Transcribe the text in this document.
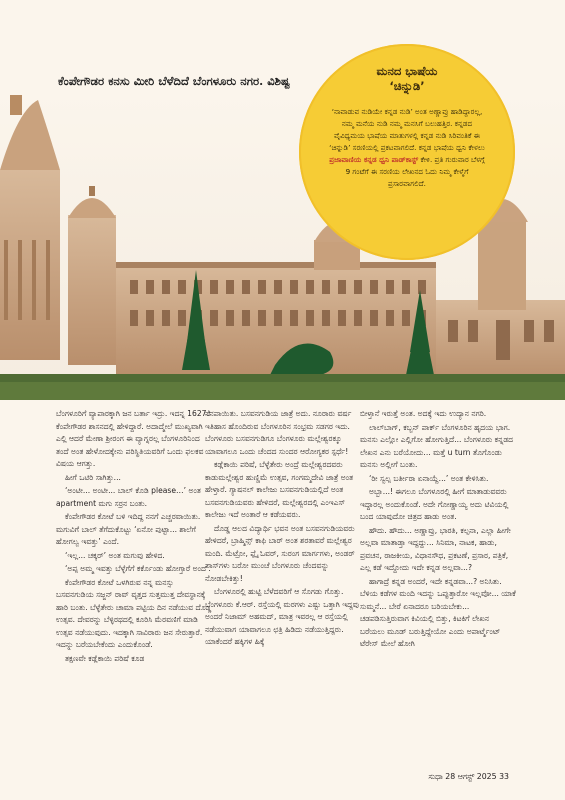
ಕೆಂಪೇಗೌಡರ ಕನಸು ಮೀರಿ ಬೆಳೆದಿದೆ ಬೆಂಗಳೂರು ನಗರ. ವಿಶಿಷ್ಟ

ಮನದ ಭಾಷೆಯ
‘ಚಿನ್ನುಡಿ’

‘ನಾವಾಡುವ ನುಡಿಯೇ ಕನ್ನಡ ನುಡಿ’ ಅಂತ ಅಣ್ಣಾವ್ರು ಹಾಡಿದ್ದಾರಲ್ಲ, ನಮ್ಮ ಮನೆಯ ನುಡಿ ನಮ್ಮ ಮನಸಿಗೆ ಬಲುಹತ್ತಿರ. ಕನ್ನಡದ ವೈವಿಧ್ಯಮಯ ಭಾಷೆಯ ಮಾತುಗಳಲ್ಲಿ ಕನ್ನಡ ನುಡಿ ಸಿರಿವಂತಿಕೆ ಈ ‘ಚಿನ್ನುಡಿ’ ಸರಣಿಯಲ್ಲಿ ಪ್ರಕಟವಾಗಲಿದೆ. ಕನ್ನಡ ಭಾಷೆಯ ಧ್ವನಿ ಕೇಳಲು ಪ್ರಜಾವಾಣಿಯ ಕನ್ನಡ ಧ್ವನಿ ಪಾಡ್‌ಕಾಸ್ಟ್ ಕೇಳಿ. ಪ್ರತಿ ಗುರುವಾರ ಬೆಳಗ್ಗೆ 9 ಗಂಟೆಗೆ ಈ ಸರಣಿಯ ಲೇಖನದ ಓದು ನಿಮ್ಮ ಕೇಳ್ಮೆಗೆ ಪ್ರಸಾರವಾಗಲಿದೆ.

ಬೆಂಗಳೂರಿಗೆ ವ್ಯಾಪಾರಕ್ಕಾಗಿ ಜನ ಬರ್ತಾ ಇದ್ರು. ಇದನ್ನ 1627ರ ಕೆಂಪೇಗೌಡರ ಶಾಸನದಲ್ಲಿ ಹೇಳಿದ್ದಾರೆ. ಅದಾದ್ಮೇಲೆ ಮುಖ್ಯವಾಗಿ ಎಲ್ಲಿ ಆದರೆ ಮೇಣಾ ಶ್ರೀರಂಗ ಈ ವ್ಯಾಗ್ನರಲ್ಲ ಬೆಂಗಳೂರಿನಿಂದ ತಂದೆ ಅಂತ ಹೇಳೋದಕ್ಕೇನು ಪರಿಸ್ಥಿತಿಯವರಿಗೆ ಒಂದು ಫಲಕವ ವಿಷಯ ಆಗತ್ತು.

ಹೀಗೆ ಒಟಿರಿ ಸಾಗಿತ್ತು...

‘ಅಂಟೀ... ಅಂಟೀ... ಬಾಲ್ ಕೊಡಿ please…’ ಅಂತ apartment ಮಗು ಸರ್ರನ ಬಂತು.

ಕೆಂಪೇಗೌಡರ ಕೋಟೆ ಬಳಿ ಇದಿದ್ದ ನನಗೆ ಎಚ್ಚರವಾಯಿತು. ಮಗುವಿಗೆ ಬಾಲ್ ತೆಗೆದುಕೊಟ್ಟು ‘ಏನೋ ಪುಟ್ಟಾ... ಶಾಲೆಗೆ ಹೋಗಲ್ವ ಇವತ್ತು’ ಎಂದೆ.

‘ಇಲ್ಲ... ಚಕ್ಕರ್’ ಅಂತ ಮಗುವು ಹೇಳಿದ.

‘ಅಪ್ಪ ಅಮ್ಮ ಇವತ್ತು ಬೆಳ್ಳೆಗೆಗೆ ಕರ್ಕೊಂಡು ಹೋಗ್ತಾರೆ ಅಂದ’.

ಕೆಂಪೇಗೌಡರ ಕೋಟೆ ಒಳಗಿರುವ ನನ್ನ ಮನಸ್ಸು ಬಸವನಗುಡಿಯ ಸಜ್ಜನ್ ರಾವ್ ವೃತ್ತದ ಸುತ್ತಮುತ್ತ ದೇವಸ್ಥಾನಕ್ಕೆ ಹಾರಿ ಬಂತು. ಬೆಳ್ಳೆತೇರು ಚಾಮಾ ಪಟ್ಟಿಯ ದಿನ ನಡೆಯುವ ದೊಡ್ಡ ಉತ್ಸವ. ದೇವರನ್ನು ಬೆಳ್ಳಿರಥದಲ್ಲಿ ಕೂರಿಸಿ ಮೆರವಣಿಗೆ ಮಾಡಿ ಉತ್ಸವ ನಡೆಯುವುದು. ಇದಕ್ಕಾಗಿ ಸಾವಿರಾರು ಜನ ಸೇರುತ್ತಾರೆ. ಇದನ್ನು ಬರೆಯಬೇಕೆಂದು ಎಂದುಕೊಂಡೆ.

ತಕ್ಷಣವೇ ಕಡ್ಲೆಕಾಯಿ ಪರಿಷೆ ಕೂಡ

ನೆನಪಾಯಿತು. ಬಸವನಗುಡಿಯ ಜಾತ್ರೆ ಅದು. ನೂರಾರು ವರ್ಷ ಇತಿಹಾಸ ಹೊಂದಿರುವ ಬೆಂಗಳೂರಿನ ಸಂಭ್ರಮ ಸಡಗರ ಇದು. ಬೆಂಗಳೂರು ಬಸವನಗುಡಿಗೂ ಬೆಂಗಳೂರು ಮಲ್ಲೇಶ್ವರಕ್ಕೂ ಯಾವಾಗಲೂ ಒಂದು ಚೆಂದದ ಸುಂದರ ಆರೋಗ್ಯಕರ ಸ್ಪರ್ಧೆ!

ಕಡ್ಲೆಕಾಯಿ ಪರಿಷೆ, ಬೆಳ್ಳೆತೇರು ಅಂದ್ರೆ ಮಲ್ಲೇಶ್ವರದವರು ಕಾಡುಮಲ್ಲೇಶ್ವರ ಹುಣ್ಣಿಮೆ ಉತ್ಸವ, ಗಂಗಮ್ಮದೇವಿ ಜಾತ್ರೆ ಅಂತ ಹೇಳ್ತಾರೆ. ಗ್ಯಾಷನಲ್ ಕಾಲೇಜು ಬಸವನಗುಡಿಯಲ್ಲಿದೆ ಅಂತ ಬಸವನಗುಡಿಯವರು ಹೇಳಿದರೆ, ಮಲ್ಲೇಶ್ವರದಲ್ಲಿ ಎಂಇಎಸ್ ಕಾಲೇಜು ಇದೆ ಅಂತಾರೆ ಆ ಕಡೆಯವರು.

ದೊಡ್ಡ ಆಲದ ವಿದ್ಯಾರ್ಥಿ ಭವನ ಅಂತ ಬಸವನಗುಡಿಯವರು ಹೇಳಿದರೆ, ಬ್ರಾಹ್ಮಿನ್ಸ್ ಕಾಫಿ ಬಾರ್ ಅಂತ ಶರತಾವರೆ ಮಲ್ಲೇಶ್ವರ ಮಂದಿ. ಮೆಟ್ರೋ, ಫ್ಲೈ ಓವರ್, ಸುರಂಗ ಮಾರ್ಗಗಳು, ಅಂಡರ್ ಪಾಸ್‌ಗಳು ಬರೋ ಮುಂಚೆ ಬೆಂಗಳೂರು ಚೆಂದವನ್ನು ನೋಡಬೇಕಿತ್ತು!

ಬೆಂಗಳೂರಲ್ಲಿ ಹುಟ್ಟಿ ಬೆಳೆದವರಿಗೆ ಆ ಸೊಗಡು ಗೊತ್ತು. ಬೆಂಗಳೂರು ಕೆ.ಆರ್. ರಸ್ತೆಯಲ್ಲಿ ಮರಗಳು ಎಷ್ಟು ಒತ್ತಾಗಿ ಇದ್ದವು ಅಂದರೆ ನಿಜಾಮ್ ಅಹಮದ್, ಮಾತ್ರ ಇವರಲ್ಲ ಆ ರಸ್ತೆಯಲ್ಲಿ ನಡೆಯುವಾಗ ಯಾವಾಗಲೂ ಛತ್ರಿ ಹಿಡಿದು ನಡೆಯುತ್ತಿದ್ದರು. ಯಾಕೆಂದರೆ ಹಕ್ಕಿಗಳ ಹಿಕ್ಕೆ

ಬೀಳ್ತಾನೆ ಇರುತ್ತೆ ಅಂತ. ಅದಕ್ಕೆ ಇದು ಉದ್ಯಾನ ನಗರಿ.

ಲಾಲ್‌ಬಾಗ್, ಕಬ್ಬನ್ ಪಾರ್ಕ್ ಬೆಂಗಳೂರಿನ ಹೃದಯ ಭಾಗ. ಮನಸು ಎಲ್ಲೋ ಎಲ್ಲಿಗೋ ಹೋಗುತ್ತಿದೆ... ಬೆಂಗಳೂರು ಕನ್ನಡದ ಲೇಖನ ಎನು ಬರೆಯೋದು... ಮತ್ತೆ u turn ತೊಗೊಂಡು ಮನಸು ಅಲ್ಲೀಗೆ ಬಂತು.

‘ರೀ ಸ್ವಲ್ಪ ಬರ್ತೀರಾ ಏನಾಯ್ದೆ...’ ಅಂತ ಕೇಳಿಸಿತು.

ಅಬ್ಬಾ...! ಈಗಲೂ ಬೆಂಗಳೂರಲ್ಲಿ ಹೀಗೆ ಮಾತಾಡುವವರು ಇದ್ದಾರಲ್ಲ ಅಂದುಕೊಂಡೆ. ಅದೇ ಗೋಣ್ಣಾಯ್ಯ ಅದು ಟಿವಿಯಲ್ಲಿ ಬಂದ ಯಾವುದೋ ಚಿತ್ರದ ಹಾಡು ಅಂತ.

ಹೌದು. ಹೌದು... ಅಣ್ಣಾವ್ರು, ಭಾರತಿ, ಕಲ್ಪನಾ, ಎಲ್ಲಾ ಹೀಗೇ ಅಲ್ಲವಾ ಮಾತಾಡ್ತಾ ಇದ್ದದ್ದು... ಸಿನಿಮಾ, ನಾಟಕ, ಹಾಡು, ಪ್ರವಚನ, ರಾಜಕೀಯ, ವಿಧಾನಸೌಧ, ಪ್ರಕಟಣೆ, ಪ್ರಸಾರ, ಪತ್ರಿಕೆ, ಎಲ್ಲ ಕಡೆ ಇದ್ದೋದು ಇದೇ ಕನ್ನಡ ಅಲ್ಲವಾ...?

ಹಾಗಾದ್ರೆ ಕನ್ನಡ ಅಂದರೆ, ಇದೇ ಕನ್ನಡವಾ...? ಅನಿಸಿತು. ಬೆಳಿಯ ಕಡೆಗಳ ಮಂದಿ ಇದನ್ನು ಒಪ್ಪುತ್ತಾರೋ ಇಲ್ಲವೋ... ಯಾಕೆ ಸುಮ್ಮನೆ... ಬೇರೆ ಏನಾದರೂ ಬರಿಯಬೇಕು... ಚಡಪಡಿಸುತ್ತಿರುವಾಗ ಕಿವಿಯಲ್ಲಿ ಬಿತ್ತು, ಕಿಟಕಿಗೆ ಲೇಖನ ಬರೆಯಲು ಮೂಡ್ ಬರುತ್ತಿದ್ದೇಯೋ ಎಂದು ಅಪಾರ್ಟ್ಮೆಂಟ್ ಟೆರೇಸ್ ಮೇಲೆ ಹೋಗಿ

ಸುಧಾ 28 ಆಗಸ್ಟ್ 2025 33
